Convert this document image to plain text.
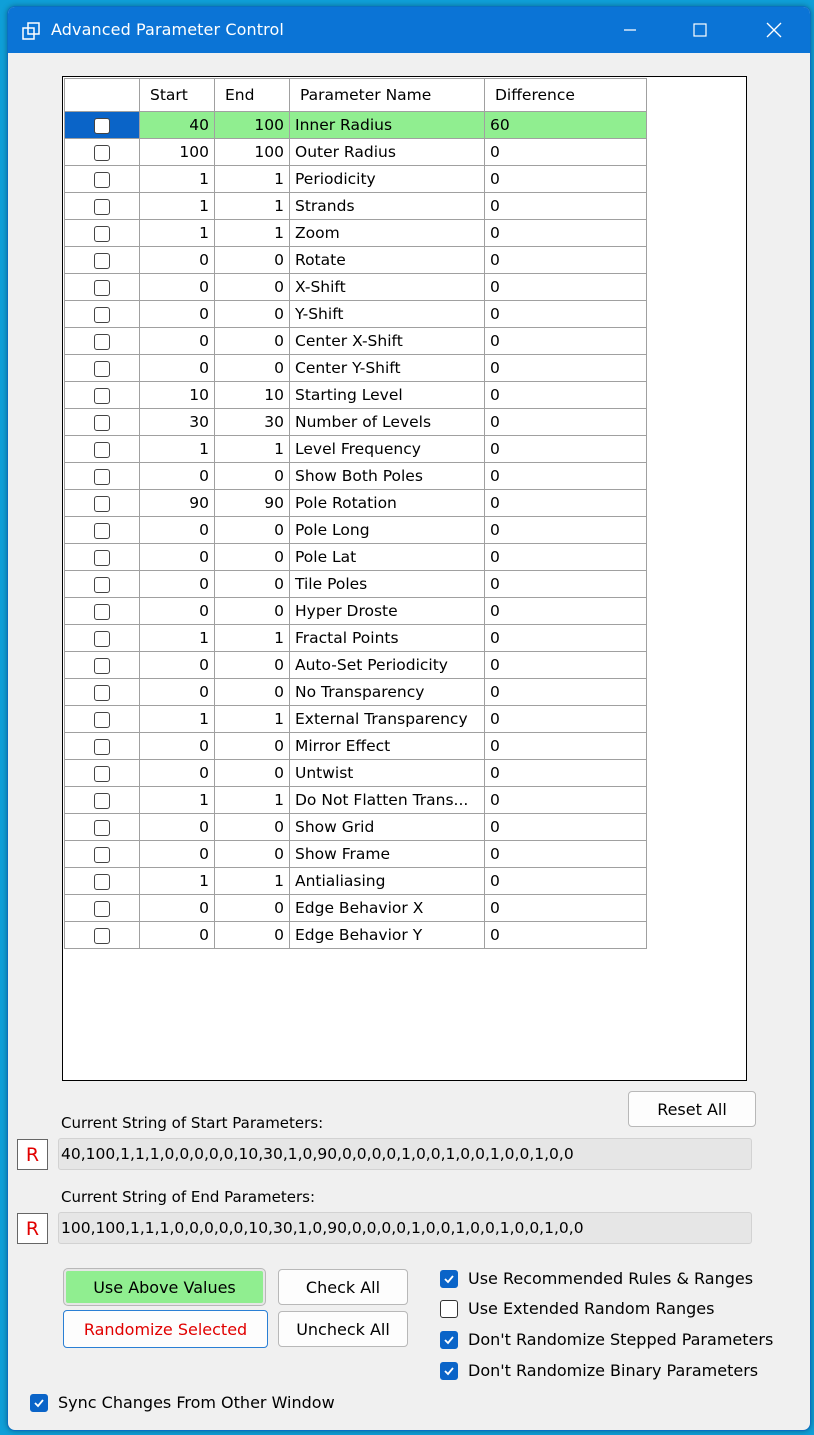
Advanced Parameter Control
	Start	End	Parameter Name	Difference
	40	100	Inner Radius	60
	100	100	Outer Radius	0
	1	1	Periodicity	0
	1	1	Strands	0
	1	1	Zoom	0
	0	0	Rotate	0
	0	0	X-Shift	0
	0	0	Y-Shift	0
	0	0	Center X-Shift	0
	0	0	Center Y-Shift	0
	10	10	Starting Level	0
	30	30	Number of Levels	0
	1	1	Level Frequency	0
	0	0	Show Both Poles	0
	90	90	Pole Rotation	0
	0	0	Pole Long	0
	0	0	Pole Lat	0
	0	0	Tile Poles	0
	0	0	Hyper Droste	0
	1	1	Fractal Points	0
	0	0	Auto-Set Periodicity	0
	0	0	No Transparency	0
	1	1	External Transparency	0
	0	0	Mirror Effect	0
	0	0	Untwist	0
	1	1	Do Not Flatten Trans...	0
	0	0	Show Grid	0
	0	0	Show Frame	0
	1	1	Antialiasing	0
	0	0	Edge Behavior X	0
	0	0	Edge Behavior Y	0
Reset All
Current String of Start Parameters:
R	40,100,1,1,1,0,0,0,0,0,10,30,1,0,90,0,0,0,0,1,0,0,1,0,0,1,0,0,1,0,0
Current String of End Parameters:
R	100,100,1,1,1,0,0,0,0,0,10,30,1,0,90,0,0,0,0,1,0,0,1,0,0,1,0,0,1,0,0
Use Above Values
Randomize Selected
Check All
Uncheck All
Use Recommended Rules & Ranges
Use Extended Random Ranges
Don't Randomize Stepped Parameters
Don't Randomize Binary Parameters
Sync Changes From Other Window
